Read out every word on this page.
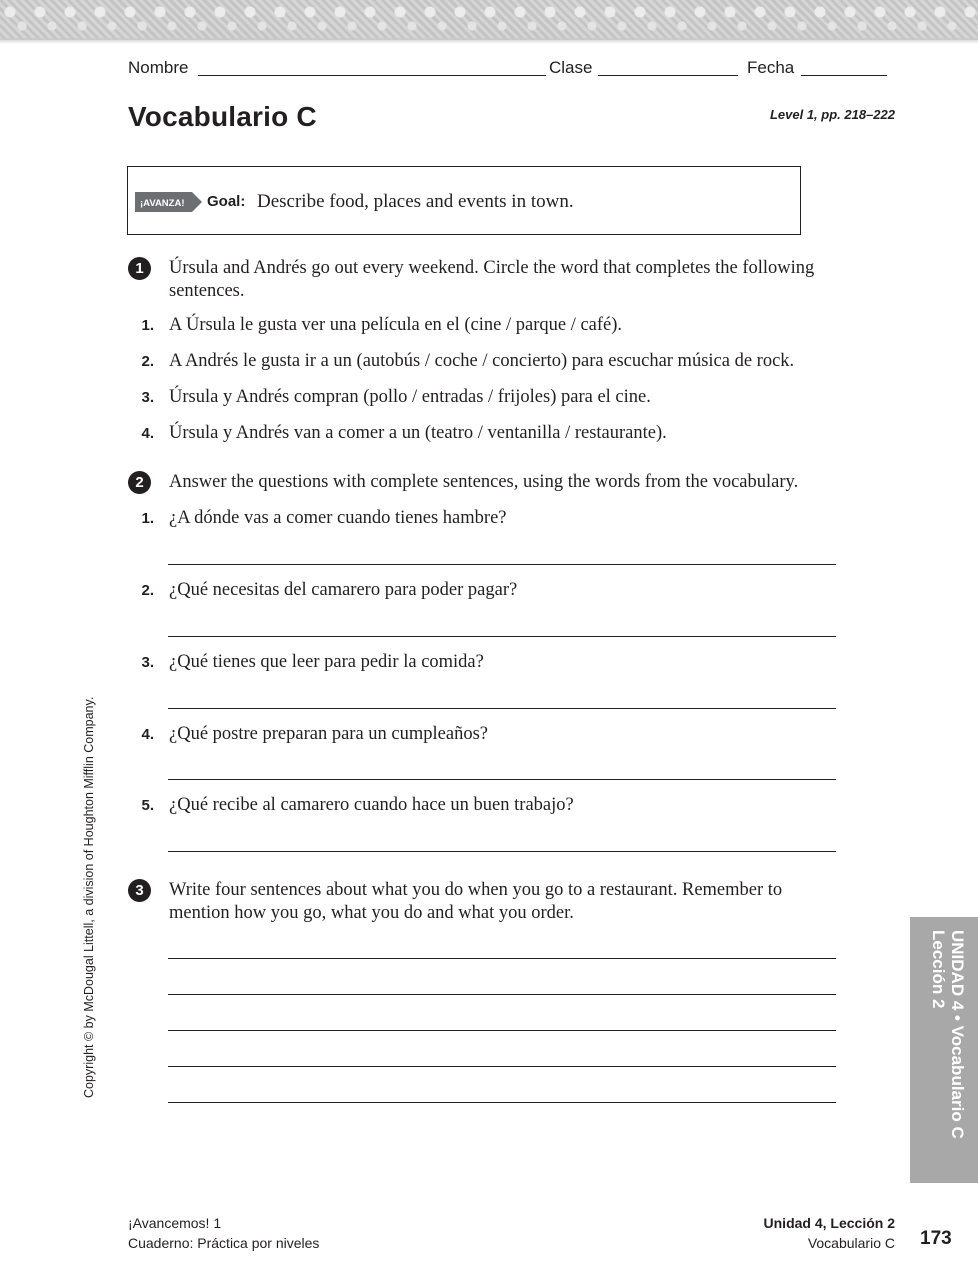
Nombre	Clase	Fecha
Vocabulario C	Level 1, pp. 218–222
¡AVANZA! Goal: Describe food, places and events in town.
1	Úrsula and Andrés go out every weekend. Circle the word that completes the following sentences.
1. A Úrsula le gusta ver una película en el (cine / parque / café).
2. A Andrés le gusta ir a un (autobús / coche / concierto) para escuchar música de rock.
3. Úrsula y Andrés compran (pollo / entradas / frijoles) para el cine.
4. Úrsula y Andrés van a comer a un (teatro / ventanilla / restaurante).
2	Answer the questions with complete sentences, using the words from the vocabulary.
1. ¿A dónde vas a comer cuando tienes hambre?
2. ¿Qué necesitas del camarero para poder pagar?
3. ¿Qué tienes que leer para pedir la comida?
4. ¿Qué postre preparan para un cumpleaños?
5. ¿Qué recibe al camarero cuando hace un buen trabajo?
3	Write four sentences about what you do when you go to a restaurant. Remember to mention how you go, what you do and what you order.
Copyright © by McDougal Littell, a division of Houghton Mifflin Company.	UNIDAD 4 • Vocabulario C
Lección 2
¡Avancemos! 1
Cuaderno: Práctica por niveles
Unidad 4, Lección 2
Vocabulario C 173
